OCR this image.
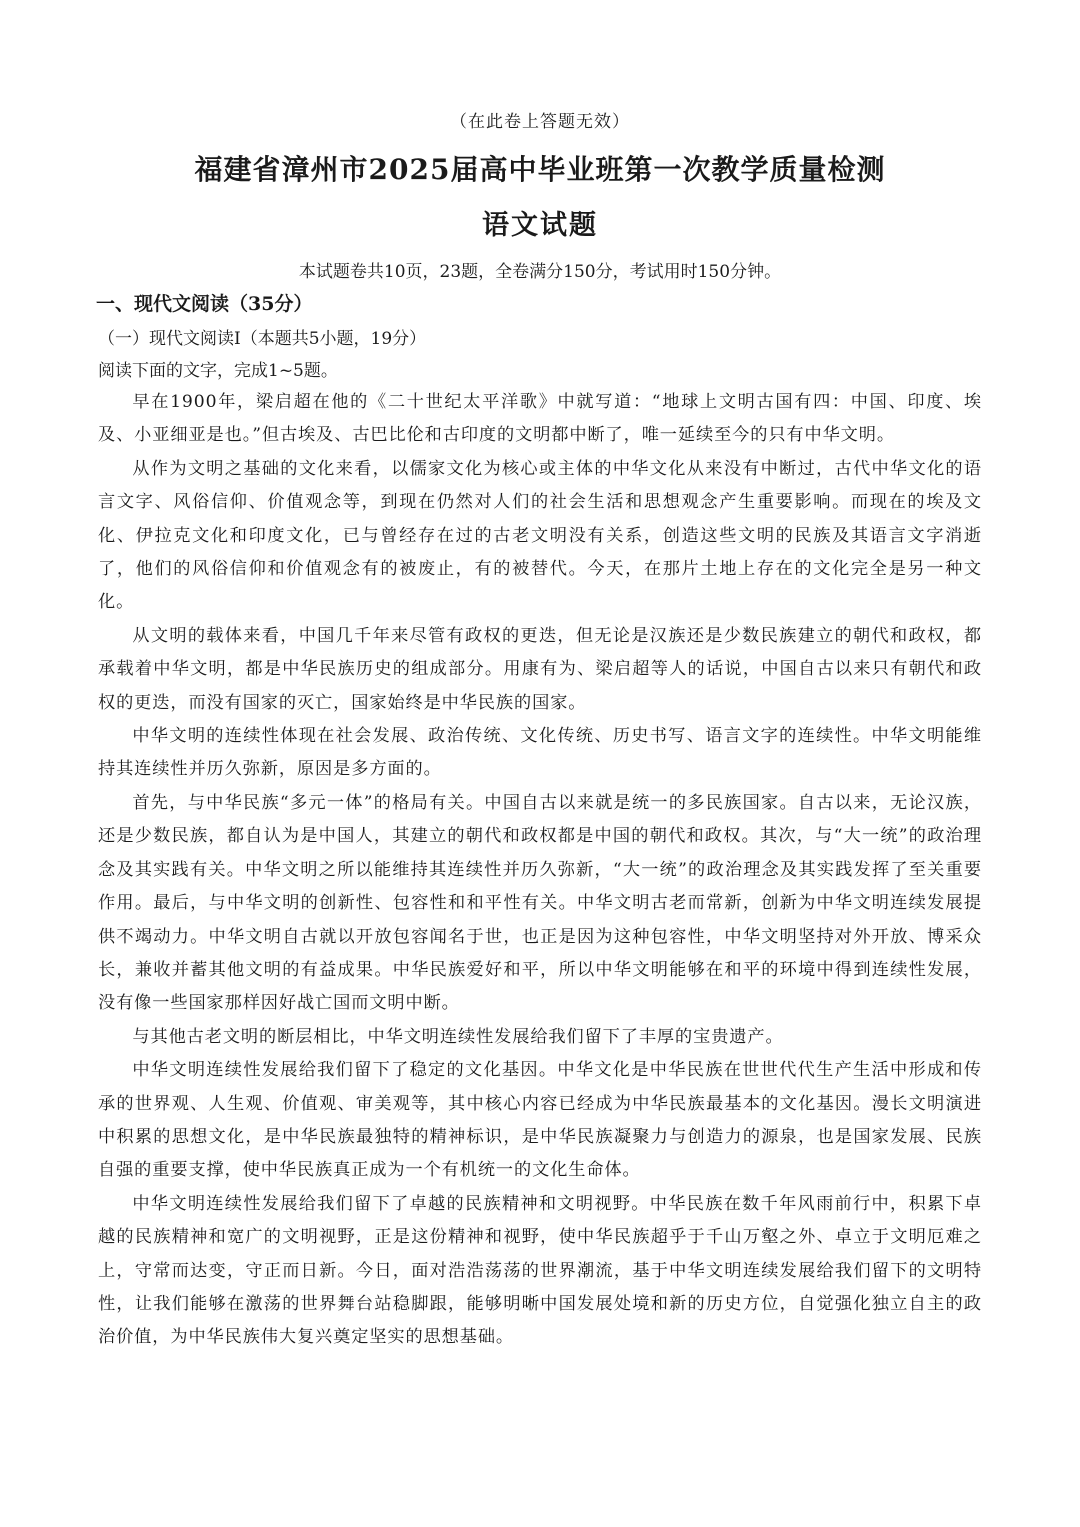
（在此卷上答题无效）
福建省漳州市2025届高中毕业班第一次教学质量检测
语文试题
本试题卷共10页，23题，全卷满分150分，考试用时150分钟。
一、现代文阅读（35分）
（一）现代文阅读Ⅰ（本题共5小题，19分）
阅读下面的文字，完成1~5题。

早在1900年，梁启超在他的《二十世纪太平洋歌》中就写道：“地球上文明古国有四：中国、印度、埃及、小亚细亚是也。”但古埃及、古巴比伦和古印度的文明都中断了，唯一延续至今的只有中华文明。

从作为文明之基础的文化来看，以儒家文化为核心或主体的中华文化从来没有中断过，古代中华文化的语言文字、风俗信仰、价值观念等，到现在仍然对人们的社会生活和思想观念产生重要影响。而现在的埃及文化、伊拉克文化和印度文化，已与曾经存在过的古老文明没有关系，创造这些文明的民族及其语言文字消逝了，他们的风俗信仰和价值观念有的被废止，有的被替代。今天，在那片土地上存在的文化完全是另一种文化。

从文明的载体来看，中国几千年来尽管有政权的更迭，但无论是汉族还是少数民族建立的朝代和政权，都承载着中华文明，都是中华民族历史的组成部分。用康有为、梁启超等人的话说，中国自古以来只有朝代和政权的更迭，而没有国家的灭亡，国家始终是中华民族的国家。

中华文明的连续性体现在社会发展、政治传统、文化传统、历史书写、语言文字的连续性。中华文明能维持其连续性并历久弥新，原因是多方面的。

首先，与中华民族“多元一体”的格局有关。中国自古以来就是统一的多民族国家。自古以来，无论汉族，还是少数民族，都自认为是中国人，其建立的朝代和政权都是中国的朝代和政权。其次，与“大一统”的政治理念及其实践有关。中华文明之所以能维持其连续性并历久弥新，“大一统”的政治理念及其实践发挥了至关重要作用。最后，与中华文明的创新性、包容性和和平性有关。中华文明古老而常新，创新为中华文明连续发展提供不竭动力。中华文明自古就以开放包容闻名于世，也正是因为这种包容性，中华文明坚持对外开放、博采众长，兼收并蓄其他文明的有益成果。中华民族爱好和平，所以中华文明能够在和平的环境中得到连续性发展，没有像一些国家那样因好战亡国而文明中断。

与其他古老文明的断层相比，中华文明连续性发展给我们留下了丰厚的宝贵遗产。

中华文明连续性发展给我们留下了稳定的文化基因。中华文化是中华民族在世世代代生产生活中形成和传承的世界观、人生观、价值观、审美观等，其中核心内容已经成为中华民族最基本的文化基因。漫长文明演进中积累的思想文化，是中华民族最独特的精神标识，是中华民族凝聚力与创造力的源泉，也是国家发展、民族自强的重要支撑，使中华民族真正成为一个有机统一的文化生命体。

中华文明连续性发展给我们留下了卓越的民族精神和文明视野。中华民族在数千年风雨前行中，积累下卓越的民族精神和宽广的文明视野，正是这份精神和视野，使中华民族超乎于千山万壑之外、卓立于文明厄难之上，守常而达变，守正而日新。今日，面对浩浩荡荡的世界潮流，基于中华文明连续发展给我们留下的文明特性，让我们能够在激荡的世界舞台站稳脚跟，能够明晰中国发展处境和新的历史方位，自觉强化独立自主的政治价值，为中华民族伟大复兴奠定坚实的思想基础。
